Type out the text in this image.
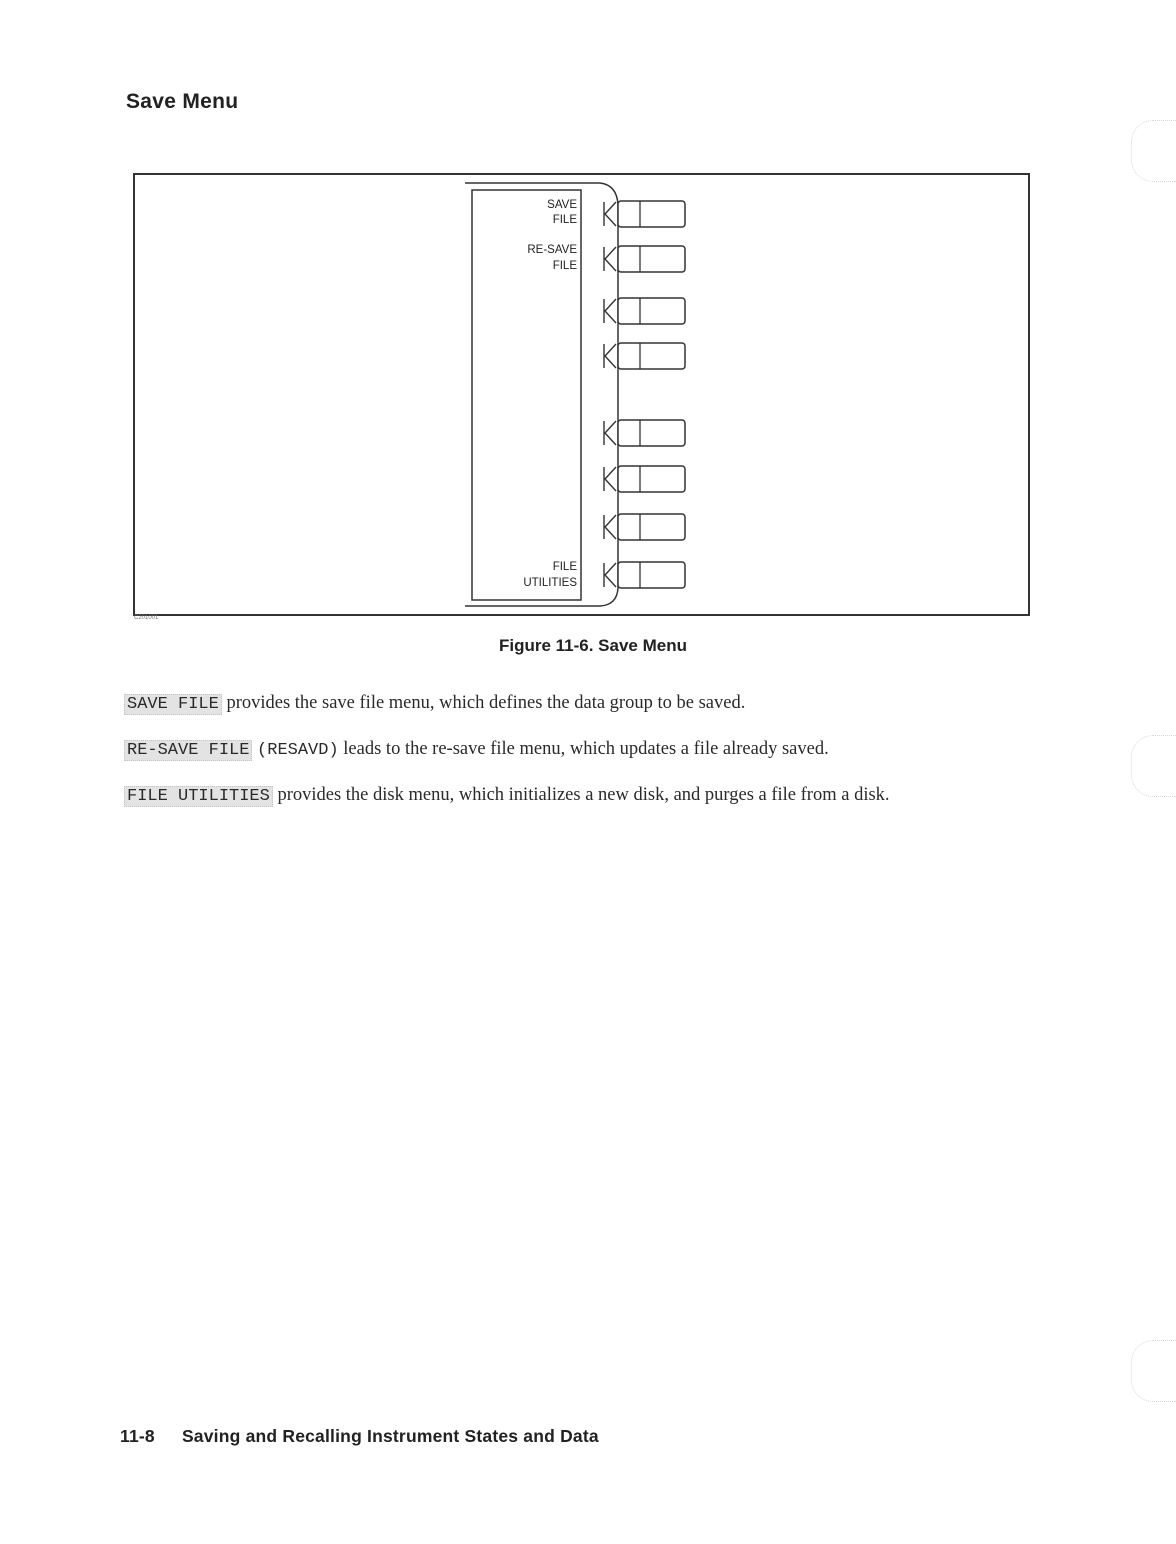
Save Menu
C201001
SAVE
FILE
RE-SAVE
FILE
FILE
UTILITIES
Figure 11-6. Save Menu

SAVE FILE provides the save file menu, which defines the data group to be saved.

RE-SAVE FILE (RESAVD) leads to the re-save file menu, which updates a file already saved.

FILE UTILITIES provides the disk menu, which initializes a new disk, and purges a file from a disk.

11-8 Saving and Recalling Instrument States and Data
